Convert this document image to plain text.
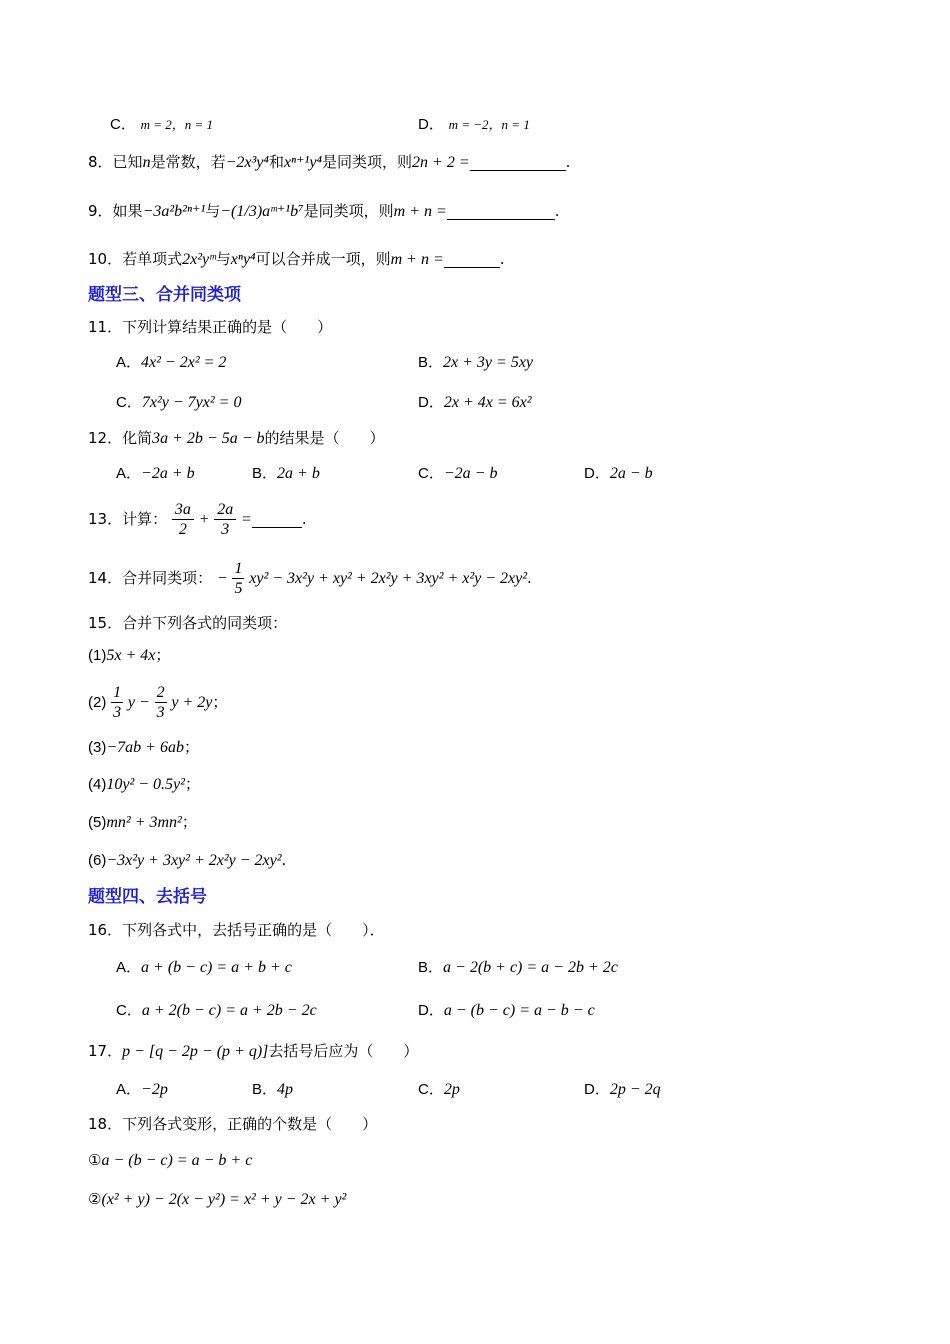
C． m = 2，n = 1	D． m = −2，n = 1
8．已知n是常数，若−2x³y⁴和xⁿ⁺¹y⁴是同类项，则2n + 2 =	.
9．如果−3a²b²ⁿ⁺¹与−(1/3)aᵐ⁺¹b⁷是同类项，则m + n =	.
10．若单项式2x²yᵐ与xⁿy⁴可以合并成一项，则m + n =	.
题型三、合并同类项
11．下列计算结果正确的是（　　）
A．4x² − 2x² = 2	B．2x + 3y = 5xy
C．7x²y − 7yx² = 0	D．2x + 4x = 6x²
12．化简3a + 2b − 5a − b的结果是（　　）
A．−2a + b	B．2a + b	C．−2a − b	D．2a − b
13．计算： $\frac{3a}{2} + \frac{2a}{3}$ =	.
14．合并同类项： − $\frac{1}{5} xy^2 - 3x^2y + xy^2 + 2x^2y + 3xy^2 + x^2y - 2xy^2$.
15．合并下列各式的同类项：
(1)5x + 4x；
$(2) \frac{1}{3}$ $y - \frac{2}{3}$ y + 2y；
(3)−7ab + 6ab；
(4)10y² − 0.5y²；
(5)mn² + 3mn²；
(6)−3x²y + 3xy² + 2x²y − 2xy².
题型四、去括号
16．下列各式中，去括号正确的是（　　）．
A．a + (b − c) = a + b + c	B．a − 2(b + c) = a − 2b + 2c
C．a + 2(b − c) = a + 2b − 2c	D．a − (b − c) = a − b − c
17．p − [q − 2p − (p + q)]去括号后应为（　　）
A．−2p	B．4p	C．2p	D．2p − 2q
18．下列各式变形，正确的个数是（　　）
①a − (b − c) = a − b + c
②(x² + y) − 2(x − y²) = x² + y − 2x + y²
